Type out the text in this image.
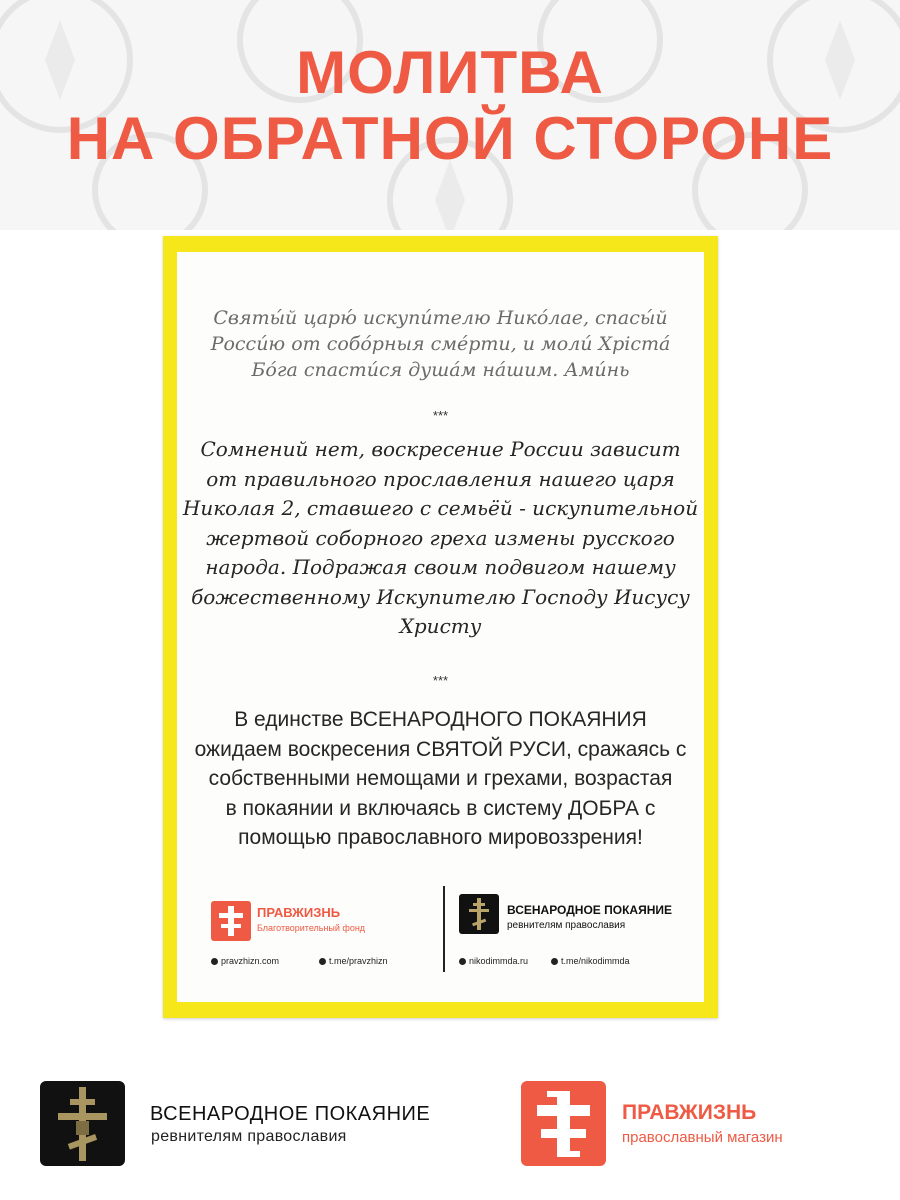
МОЛИТВА
НА ОБРАТНОЙ СТОРОНЕ
Святы́й царю́ искупи́телю Нико́лае, спасы́й
Росси́ю от собо́рныя сме́рти, и моли́ Хріста́
Бо́га спасти́ся душа́м на́шим. Ами́нь
***
Сомнений нет, воскресение России зависит
от правильного прославления нашего царя
Николая 2, ставшего с семьёй - искупительной
жертвой соборного греха измены русского
народа. Подражая своим подвигом нашему
божественному Искупителю Господу Иисусу
Христу
***
В единстве ВСЕНАРОДНОГО ПОКАЯНИЯ
ожидаем воскресения СВЯТОЙ РУСИ, сражаясь с
собственными немощами и грехами, возрастая
в покаянии и включаясь в систему ДОБРА с
помощью православного мировоззрения!
ПРАВЖИЗНЬ
Благотворительный фонд
pravzhizn.com	t.me/pravzhizn
ВСЕНАРОДНОЕ ПОКАЯНИЕ
ревнителям православия
nikodimmda.ru	t.me/nikodimmda
ВСЕНАРОДНОЕ ПОКАЯНИЕ
ревнителям православия
ПРАВЖИЗНЬ
православный магазин
